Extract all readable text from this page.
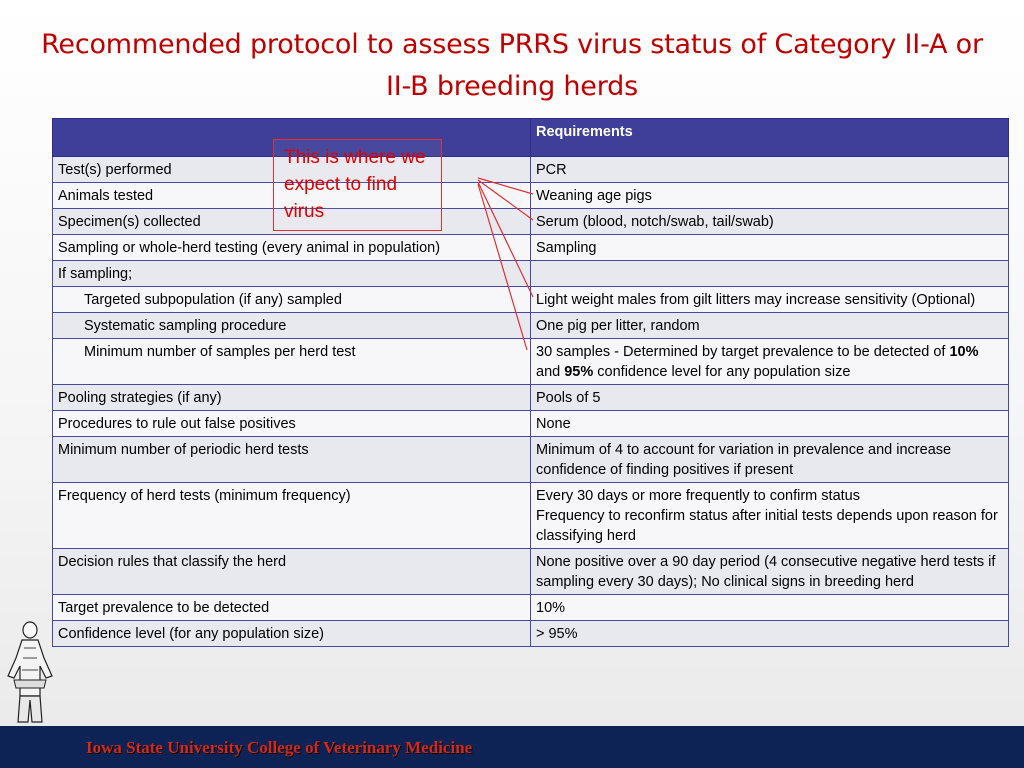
Recommended protocol to assess PRRS virus status of Category II-A or II-B breeding herds
	Requirements
Test(s) performed	PCR
Animals tested	Weaning age pigs
Specimen(s) collected	Serum (blood, notch/swab, tail/swab)
Sampling or whole-herd testing (every animal in population)	Sampling
If sampling;	
Targeted subpopulation (if any) sampled	Light weight males from gilt litters may increase sensitivity (Optional)
Systematic sampling procedure	One pig per litter, random
Minimum number of samples per herd test	30 samples - Determined by target prevalence to be detected of 10% and 95% confidence level for any population size
Pooling strategies (if any)	Pools of 5
Procedures to rule out false positives	None
Minimum number of periodic herd tests	Minimum of 4 to account for variation in prevalence and increase confidence of finding positives if present
Frequency of herd tests (minimum frequency)	Every 30 days or more frequently to confirm status
Frequency to reconfirm status after initial tests depends upon reason for classifying herd

Decision rules that classify the herd	None positive over a 90 day period (4 consecutive negative herd tests if sampling every 30 days); No clinical signs in breeding herd
Target prevalence to be detected	10%
Confidence level (for any population size)	> 95%
This is where we expect to find virus
Iowa State University College of Veterinary Medicine
